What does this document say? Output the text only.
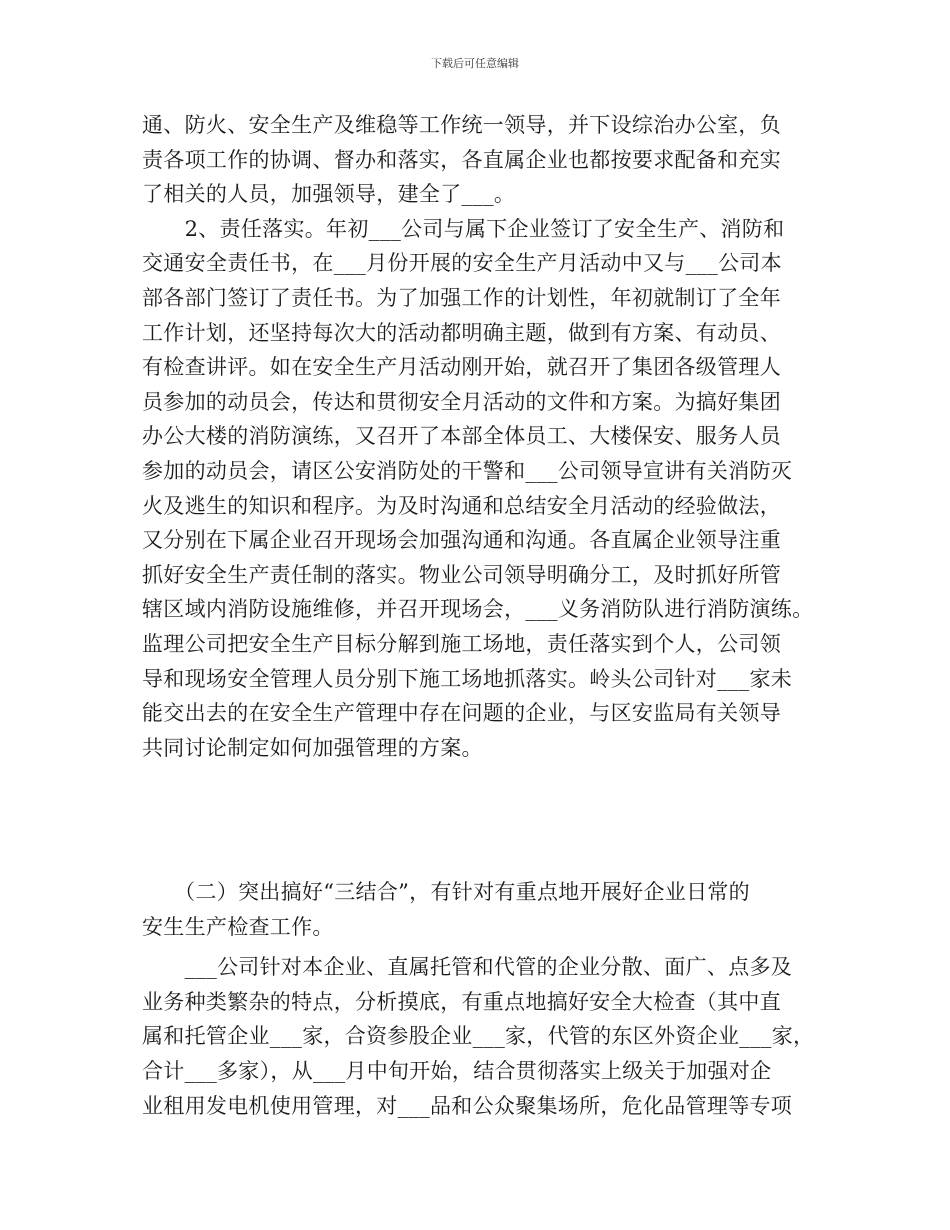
下载后可任意编辑
通、防火、安全生产及维稳等工作统一领导，并下设综治办公室，负
责各项工作的协调、督办和落实，各直属企业也都按要求配备和充实
了相关的人员，加强领导，建全了___。
　　2、责任落实。年初___公司与属下企业签订了安全生产、消防和
交通安全责任书，在___月份开展的安全生产月活动中又与___公司本
部各部门签订了责任书。为了加强工作的计划性，年初就制订了全年
工作计划，还坚持每次大的活动都明确主题，做到有方案、有动员、
有检查讲评。如在安全生产月活动刚开始，就召开了集团各级管理人
员参加的动员会，传达和贯彻安全月活动的文件和方案。为搞好集团
办公大楼的消防演练，又召开了本部全体员工、大楼保安、服务人员
参加的动员会，请区公安消防处的干警和___公司领导宣讲有关消防灭
火及逃生的知识和程序。为及时沟通和总结安全月活动的经验做法，
又分别在下属企业召开现场会加强沟通和沟通。各直属企业领导注重
抓好安全生产责任制的落实。物业公司领导明确分工，及时抓好所管
辖区域内消防设施维修，并召开现场会，___义务消防队进行消防演练。
监理公司把安全生产目标分解到施工场地，责任落实到个人，公司领
导和现场安全管理人员分别下施工场地抓落实。岭头公司针对___家未
能交出去的在安全生产管理中存在问题的企业，与区安监局有关领导
共同讨论制定如何加强管理的方案。
　　（二）突出搞好“三结合”，有针对有重点地开展好企业日常的
安生生产检查工作。
　　___公司针对本企业、直属托管和代管的企业分散、面广、点多及
业务种类繁杂的特点，分析摸底，有重点地搞好安全大检查（其中直
属和托管企业___家，合资参股企业___家，代管的东区外资企业___家，
合计___多家），从___月中旬开始，结合贯彻落实上级关于加强对企
业租用发电机使用管理，对___品和公众聚集场所，危化品管理等专项
